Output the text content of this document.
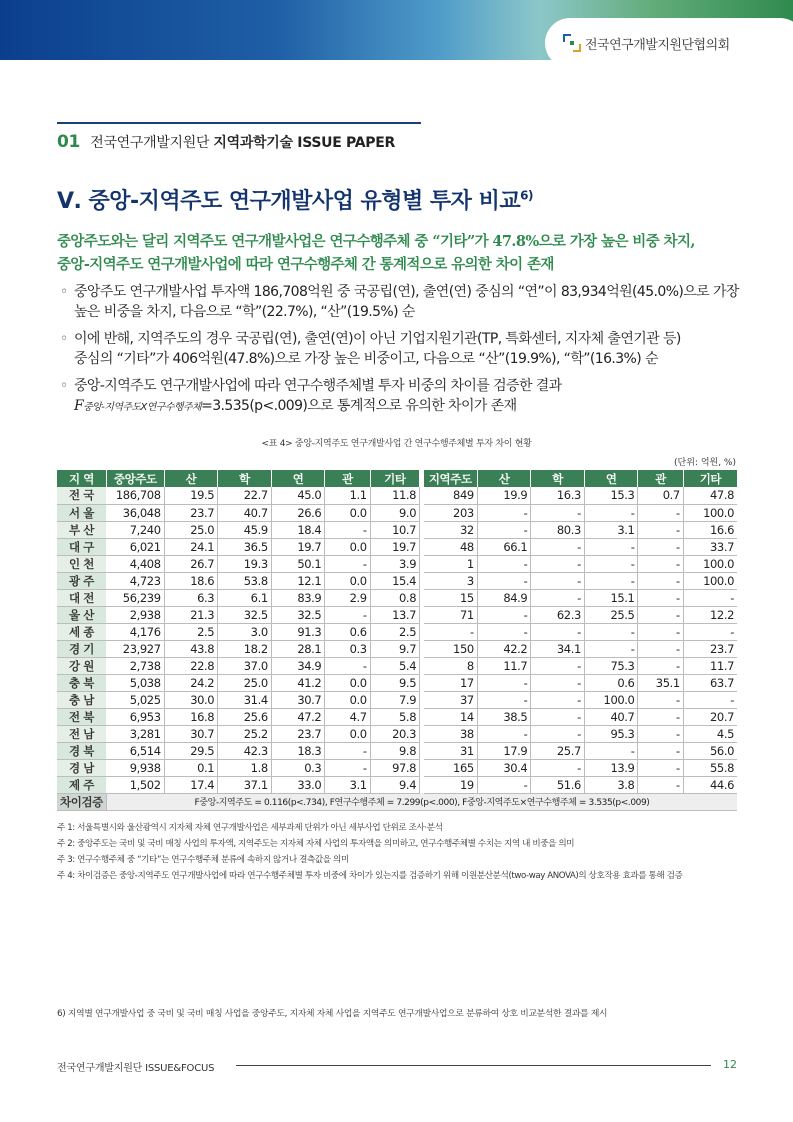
전국연구개발지원단협의회
01 전국연구개발지원단 지역과학기술 ISSUE PAPER
Ⅴ. 중앙-지역주도 연구개발사업 유형별 투자 비교$^{6)}$
중앙주도와는 달리 지역주도 연구개발사업은 연구수행주체 중 “기타”가 47.8%으로 가장 높은 비중 차지,
중앙-지역주도 연구개발사업에 따라 연구수행주체 간 통계적으로 유의한 차이 존재
◦ 중앙주도 연구개발사업 투자액 186,708억원 중 국공립(연), 출연(연) 중심의 “연”이 83,934억원(45.0%)으로 가장
높은 비중을 차지, 다음으로 “학”(22.7%), “산”(19.5%) 순
◦ 이에 반해, 지역주도의 경우 국공립(연), 출연(연)이 아닌 기업지원기관(TP, 특화센터, 지자체 출연기관 등)
중심의 “기타”가 406억원(47.8%)으로 가장 높은 비중이고, 다음으로 “산”(19.9%), “학”(16.3%) 순
◦ 중앙-지역주도 연구개발사업에 따라 연구수행주체별 투자 비중의 차이를 검증한 결과
F중앙-지역주도X연구수행주체=3.535(p<.009)으로 통계적으로 유의한 차이가 존재
<표 4> 중앙-지역주도 연구개발사업 간 연구수행주체별 투자 차이 현황
(단위: 억원, %)
지 역	중앙주도	산	학	연	관	기타		지역주도	산	학	연	관	기타
전 국	186,708	19.5	22.7	45.0	1.1	11.8		849	19.9	16.3	15.3	0.7	47.8
서 울	36,048	23.7	40.7	26.6	0.0	9.0		203	-	-	-	-	100.0
부 산	7,240	25.0	45.9	18.4	-	10.7		32	-	80.3	3.1	-	16.6
대 구	6,021	24.1	36.5	19.7	0.0	19.7		48	66.1	-	-	-	33.7
인 천	4,408	26.7	19.3	50.1	-	3.9		1	-	-	-	-	100.0
광 주	4,723	18.6	53.8	12.1	0.0	15.4		3	-	-	-	-	100.0
대 전	56,239	6.3	6.1	83.9	2.9	0.8		15	84.9	-	15.1	-	-
울 산	2,938	21.3	32.5	32.5	-	13.7		71	-	62.3	25.5	-	12.2
세 종	4,176	2.5	3.0	91.3	0.6	2.5		-	-	-	-	-	-
경 기	23,927	43.8	18.2	28.1	0.3	9.7		150	42.2	34.1	-	-	23.7
강 원	2,738	22.8	37.0	34.9	-	5.4		8	11.7	-	75.3	-	11.7
충 북	5,038	24.2	25.0	41.2	0.0	9.5		17	-	-	0.6	35.1	63.7
충 남	5,025	30.0	31.4	30.7	0.0	7.9		37	-	-	100.0	-	-
전 북	6,953	16.8	25.6	47.2	4.7	5.8		14	38.5	-	40.7	-	20.7
전 남	3,281	30.7	25.2	23.7	0.0	20.3		38	-	-	95.3	-	4.5
경 북	6,514	29.5	42.3	18.3	-	9.8		31	17.9	25.7	-	-	56.0
경 남	9,938	0.1	1.8	0.3	-	97.8		165	30.4	-	13.9	-	55.8
제 주	1,502	17.4	37.1	33.0	3.1	9.4		19	-	51.6	3.8	-	44.6
차이검증	F중앙-지역주도 = 0.116(p<.734), F연구수행주체 = 7.299(p<.000), F중앙-지역주도×연구수행주체 = 3.535(p<.009)												
주 1: 서울특별시와 울산광역시 지자체 자체 연구개발사업은 세부과제 단위가 아닌 세부사업 단위로 조사·분석
주 2: 중앙주도는 국비 및 국비 매칭 사업의 투자액, 지역주도는 지자체 자체 사업의 투자액을 의미하고, 연구수행주체별 수치는 지역 내 비중을 의미
주 3: 연구수행주체 중 “기타”는 연구수행주체 분류에 속하지 않거나 결측값을 의미
주 4: 차이검증은 중앙-지역주도 연구개발사업에 따라 연구수행주체별 투자 비중에 차이가 있는지를 검증하기 위해 이원분산분석(two-way ANOVA)의 상호작용 효과를 통해 검증
6) 지역별 연구개발사업 중 국비 및 국비 매칭 사업을 중앙주도, 지자체 자체 사업을 지역주도 연구개발사업으로 분류하여 상호 비교분석한 결과를 제시
전국연구개발지원단 ISSUE&FOCUS	12
